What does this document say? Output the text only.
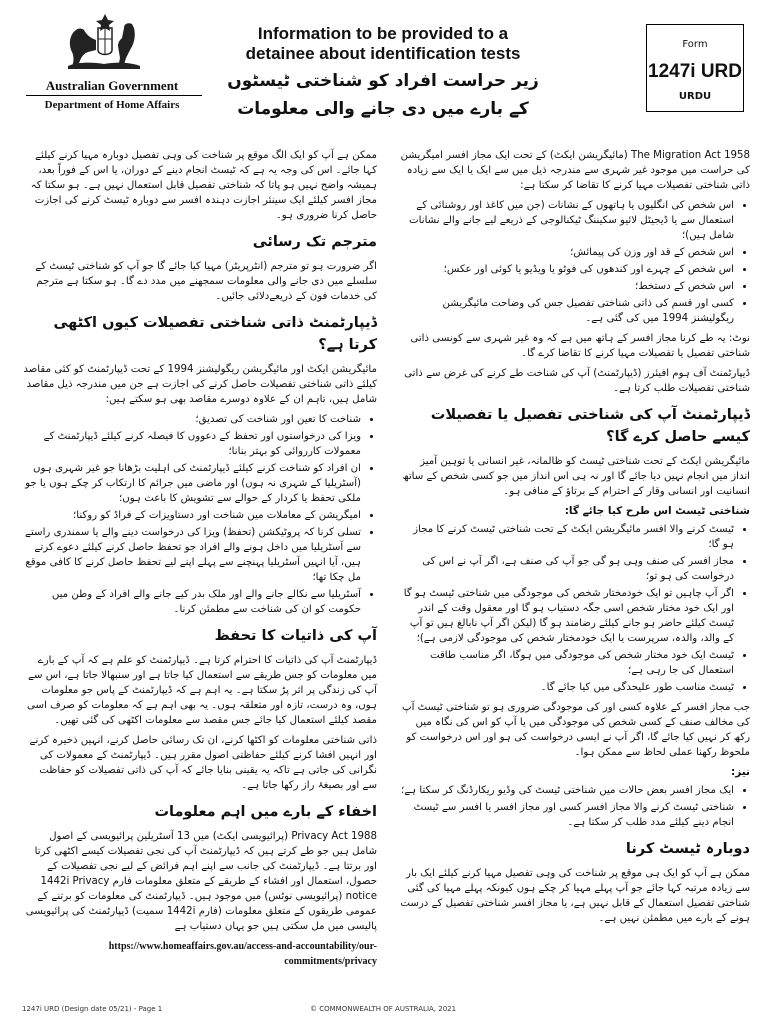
Australian Government
Department of Home Affairs
Information to be provided to a detainee about identification tests
زیر حراست افراد کو شناختی ٹیسٹوں کے بارے میں دی جانے والی معلومات
Form
1247i URD
URDU

The Migration Act 1958 (مائیگریشن ایکٹ) کے تحت ایک مجاز افسر امیگریشن کی حراست میں موجود غیر شہری سے مندرجہ ذیل میں سے ایک یا ایک سے زیادہ ذاتی شناختی تفصیلات مہیا کرنے کا تقاضا کر سکتا ہے:

• اس شخص کی انگلیوں یا ہاتھوں کے نشانات (جن میں کاغذ اور روشنائی کے استعمال سے یا ڈیجیٹل لائیو سکیننگ ٹیکنالوجی کے ذریعے لیے جانے والے نشانات شامل ہیں)؛
• اس شخص کے قد اور وزن کی پیمائش؛
• اس شخص کے چہرے اور کندھوں کی فوٹو یا ویڈیو یا کوئی اور عکس؛
• اس شخص کے دستخط؛
• کسی اور قسم کی ذاتی شناختی تفصیل جس کی وضاحت مائیگریشن ریگولیشنز 1994 میں کی گئی ہے۔

نوٹ: یہ طے کرنا مجاز افسر کے ہاتھ میں ہے کہ وہ غیر شہری سے کونسی ذاتی شناختی تفصیل یا تفصیلات مہیا کرنے کا تقاضا کرے گا۔

ڈیپارٹمنٹ آف ہوم افیئرز (ڈیپارٹمنٹ) آپ کی شناخت طے کرنے کی غرض سے ذاتی شناختی تفصیلات طلب کرتا ہے۔

ڈیپارٹمنٹ آپ کی شناختی تفصیل یا تفصیلات کیسے حاصل کرے گا؟

مائیگریشن ایکٹ کے تحت شناختی ٹیسٹ کو ظالمانہ، غیر انسانی یا توہین آمیز انداز میں انجام نہیں دیا جائے گا اور نہ ہی اس انداز میں جو کسی شخص کے ساتھ انسانیت اور انسانی وقار کے احترام کے برتاؤ کے منافی ہو۔

شناختی ٹیسٹ اس طرح کیا جائے گا:
• ٹیسٹ کرنے والا افسر مائیگریشن ایکٹ کے تحت شناختی ٹیسٹ کرنے کا مجاز ہو گا؛
• مجاز افسر کی صنف وہی ہو گی جو آپ کی صنف ہے، اگر آپ نے اس کی درخواست کی ہو تو؛
• اگر آپ چاہیں تو ایک خودمختار شخص کی موجودگی میں شناختی ٹیسٹ ہو گا اور ایک خود مختار شخص اسی جگہ دستیاب ہو گا اور معقول وقت کے اندر ٹیسٹ کیلئے حاضر ہو جانے کیلئے رضامند ہو گا (لیکن اگر آپ نابالغ ہیں تو آپ کے والد، والدہ، سرپرست یا ایک خودمختار شخص کی موجودگی لازمی ہے)؛
• ٹیسٹ ایک خود مختار شخص کی موجودگی میں ہوگا، اگر مناسب طاقت استعمال کی جا رہی ہے؛
• ٹیسٹ مناسب طور علیحدگی میں کیا جائے گا۔

جب مجاز افسر کے علاوہ کسی اور کی موجودگی ضروری ہو تو شناختی ٹیسٹ آپ کی مخالف صنف کے کسی شخص کی موجودگی میں یا آپ کو اس کی نگاہ میں رکھ کر نہیں کیا جائے گا، اگر آپ نے ایسی درخواست کی ہو اور اس درخواست کو ملحوظ رکھنا عملی لحاظ سے ممکن ہوا۔

نیز:
• ایک مجاز افسر بعض حالات میں شناختی ٹیسٹ کی وڈیو ریکارڈنگ کر سکتا ہے؛
• شناختی ٹیسٹ کرنے والا مجاز افسر کسی اور مجاز افسر یا افسر سے ٹیسٹ انجام دینے کیلئے مدد طلب کر سکتا ہے۔
دوبارہ ٹیسٹ کرنا

ممکن ہے آپ کو ایک ہی موقع پر شناخت کی وہی تفصیل مہیا کرنے کیلئے ایک بار سے زیادہ مرتبہ کہا جائے جو آپ پہلے مہیا کر چکے ہوں کیونکہ پہلے مہیا کی گئی شناختی تفصیل استعمال کے قابل نہیں ہے، یا مجاز افسر شناختی تفصیل کے درست ہونے کے بارے میں مطمئن نہیں ہے۔

ممکن ہے آپ کو ایک الگ موقع پر شناخت کی وہی تفصیل دوبارہ مہیا کرنے کیلئے کہا جائے۔ اس کی وجہ یہ ہے کہ ٹیسٹ انجام دینے کے دوران، یا اس کے فوراً بعد، ہمیشہ واضح نہیں ہو پاتا کہ شناختی تفصیل قابل استعمال نہیں ہے۔ ہو سکتا کہ مجاز افسر کیلئے ایک سینئر اجازت دہندہ افسر سے دوبارہ ٹیسٹ کرنے کی اجازت حاصل کرنا ضروری ہو۔

مترجم تک رسائی

اگر ضرورت ہو تو مترجم (انٹرپریٹر) مہیا کیا جائے گا جو آپ کو شناختی ٹیسٹ کے سلسلے میں دی جانے والی معلومات سمجھنے میں مدد دے گا۔ ہو سکتا ہے مترجم کی خدمات فون کے ذریعےدلائی جائیں۔

ڈیپارٹمنٹ ذاتی شناختی تفصیلات کیوں اکٹھی کرتا ہے؟

مائیگریشن ایکٹ اور مائیگریشن ریگولیشنز 1994 کے تحت ڈیپارٹمنٹ کو کئی مقاصد کیلئے ذاتی شناختی تفصیلات حاصل کرنے کی اجازت ہے جن میں مندرجہ ذیل مقاصد شامل ہیں، تاہم ان کے علاوہ دوسرے مقاصد بھی ہو سکتے ہیں:

• شناخت کا تعین اور شناخت کی تصدیق؛
• ویزا کی درخواستوں اور تحفظ کے دعووں کا فیصلہ کرنے کیلئے ڈیپارٹمنٹ کے معمولات کارروائی کو بہتر بنانا؛
• ان افراد کو شناخت کرنے کیلئے ڈیپارٹمنٹ کی اہلیت بڑھانا جو غیر شہری ہوں (آسٹریلیا کے شہری نہ ہوں) اور ماضی میں جرائم کا ارتکاب کر چکے ہوں یا جو ملکی تحفظ یا کردار کے حوالے سے تشویش کا باعث ہوں؛
• امیگریشن کے معاملات میں شناخت اور دستاویزات کے فراڈ کو روکنا؛
• تسلی کرنا کہ پروٹیکشن (تحفظ) ویزا کی درخواست دینے والے یا سمندری راستے سے آسٹریلیا میں داخل ہونے والے افراد جو تحفظ حاصل کرنے کیلئے دعوے کرتے ہیں، آیا انہیں آسٹریلیا پہنچنے سے پہلے اپنے لیے تحفظ حاصل کرنے کا کافی موقع مل چکا تھا؛
• آسٹریلیا سے نکالے جانے والے اور ملک بدر کیے جانے والے افراد کے وطن میں حکومت کو ان کی شناخت سے مطمئن کرنا۔
آپ کی ذاتیات کا تحفظ

ڈیپارٹمنٹ آپ کی ذاتیات کا احترام کرتا ہے۔ ڈیپارٹمنٹ کو علم ہے کہ آپ کے بارے میں معلومات کو جس طریقے سے استعمال کیا جاتا ہے اور سنبھالا جاتا ہے، اس سے آپ کی زندگی پر اثر پڑ سکتا ہے۔ یہ اہم ہے کہ ڈیپارٹمنٹ کے پاس جو معلومات ہوں، وہ درست، تازہ اور متعلقہ ہوں۔ یہ بھی اہم ہے کہ معلومات کو صرف اسی مقصد کیلئے استعمال کیا جائے جس مقصد سے معلومات اکٹھی کی گئی تھیں۔

ذاتی شناختی معلومات کو اکٹھا کرنے، ان تک رسائی حاصل کرنے، انہیں ذخیرہ کرنے اور انہیں افشا کرنے کیلئے حفاظتی اصول مقرر ہیں۔ ڈیپارٹمنٹ کے معمولات کی نگرانی کی جاتی ہے تاکہ یہ یقینی بنایا جائے کہ آپ کی ذاتی تفصیلات کو حفاظت سے اور بصیغۂ راز رکھا جاتا ہے۔

اخفاء کے بارے میں اہم معلومات

Privacy Act 1988 (پرائیویسی ایکٹ) میں 13 آسٹریلین پرائیویسی کے اصول شامل ہیں جو طے کرتے ہیں کہ ڈیپارٹمنٹ آپ کی نجی تفصیلات کیسے اکٹھی کرتا اور برتتا ہے۔ ڈیپارٹمنٹ کی جانب سے اپنے اہم فرائض کے لیے نجی تفصیلات کے حصول، استعمال اور افشاء کے طریقے کے متعلق معلومات فارم 1442i Privacy notice (پرائیویسی نوٹس) میں موجود ہیں۔ ڈیپارٹمنٹ کی معلومات کو برتنے کے عمومی طریقوں کے متعلق معلومات (فارم 1442i سمیت) ڈیپارٹمنٹ کی پرائیویسی پالیسی میں مل سکتی ہیں جو یہاں دستیاب ہے

https://www.homeaffairs.gov.au/access-and-accountability/our-commitments/privacy
1247i URD (Design date 05/21) - Page 1	© COMMONWEALTH OF AUSTRALIA, 2021
